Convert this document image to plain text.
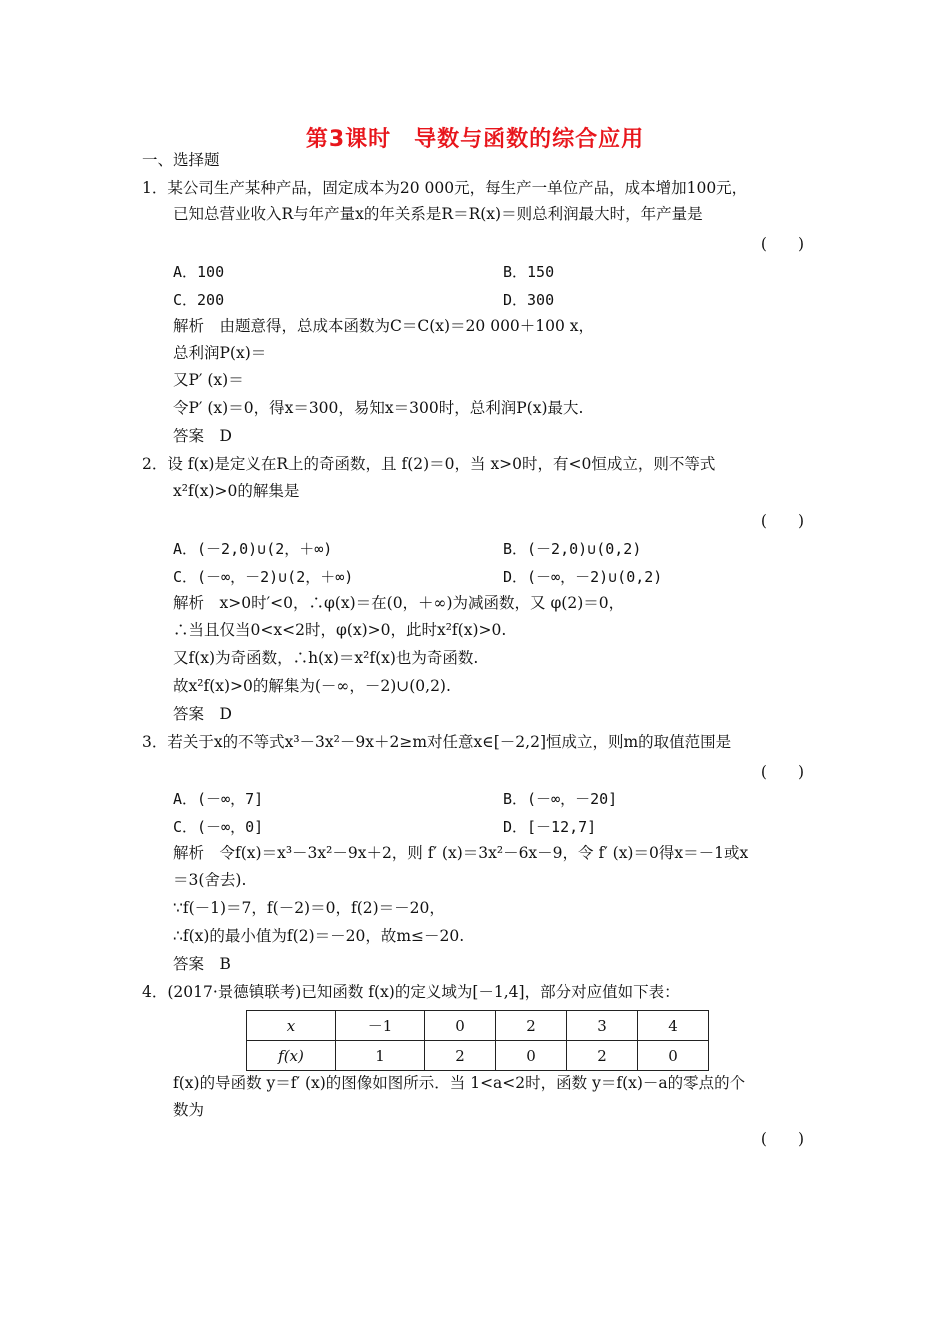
第3课时　导数与函数的综合应用
一、选择题
1．某公司生产某种产品，固定成本为20 000元，每生产一单位产品，成本增加100元，
已知总营业收入R与年产量x的年关系是R＝R(x)＝则总利润最大时，年产量是
(　　)
A．100	B．150
C．200	D．300
解析　由题意得，总成本函数为C＝C(x)＝20 000＋100 x，
总利润P(x)＝
又P′ (x)＝
令P′ (x)＝0，得x＝300，易知x＝300时，总利润P(x)最大.
答案　D
2．设 f(x)是定义在R上的奇函数，且 f(2)＝0，当 x>0时，有<0恒成立，则不等式
x²f(x)>0的解集是
(　　)
A．(－2,0)∪(2，＋∞)	B．(－2,0)∪(0,2)
C．(－∞，－2)∪(2，＋∞)	D．(－∞，－2)∪(0,2)
解析　x>0时′<0，∴φ(x)＝在(0，＋∞)为减函数，又 φ(2)＝0，
∴当且仅当0<x<2时，φ(x)>0，此时x²f(x)>0.
又f(x)为奇函数，∴h(x)＝x²f(x)也为奇函数.
故x²f(x)>0的解集为(－∞，－2)∪(0,2).
答案　D
3．若关于x的不等式x³－3x²－9x＋2≥m对任意x∈[－2,2]恒成立，则m的取值范围是
(　　)
A．(－∞，7]	B．(－∞，－20]
C．(－∞，0]	D．[－12,7]
解析　令f(x)＝x³－3x²－9x＋2，则 f′ (x)＝3x²－6x－9，令 f′ (x)＝0得x＝－1或x
＝3(舍去).
∵f(－1)＝7，f(－2)＝0，f(2)＝－20，
∴f(x)的最小值为f(2)＝－20，故m≤－20.
答案　B
4．(2017·景德镇联考)已知函数 f(x)的定义域为[－1,4]，部分对应值如下表：
x	－1	0	2	3	4
f(x)	1	2	0	2	0
f(x)的导函数 y＝f′ (x)的图像如图所示．当 1<a<2时，函数 y＝f(x)－a的零点的个
数为
(　　)
